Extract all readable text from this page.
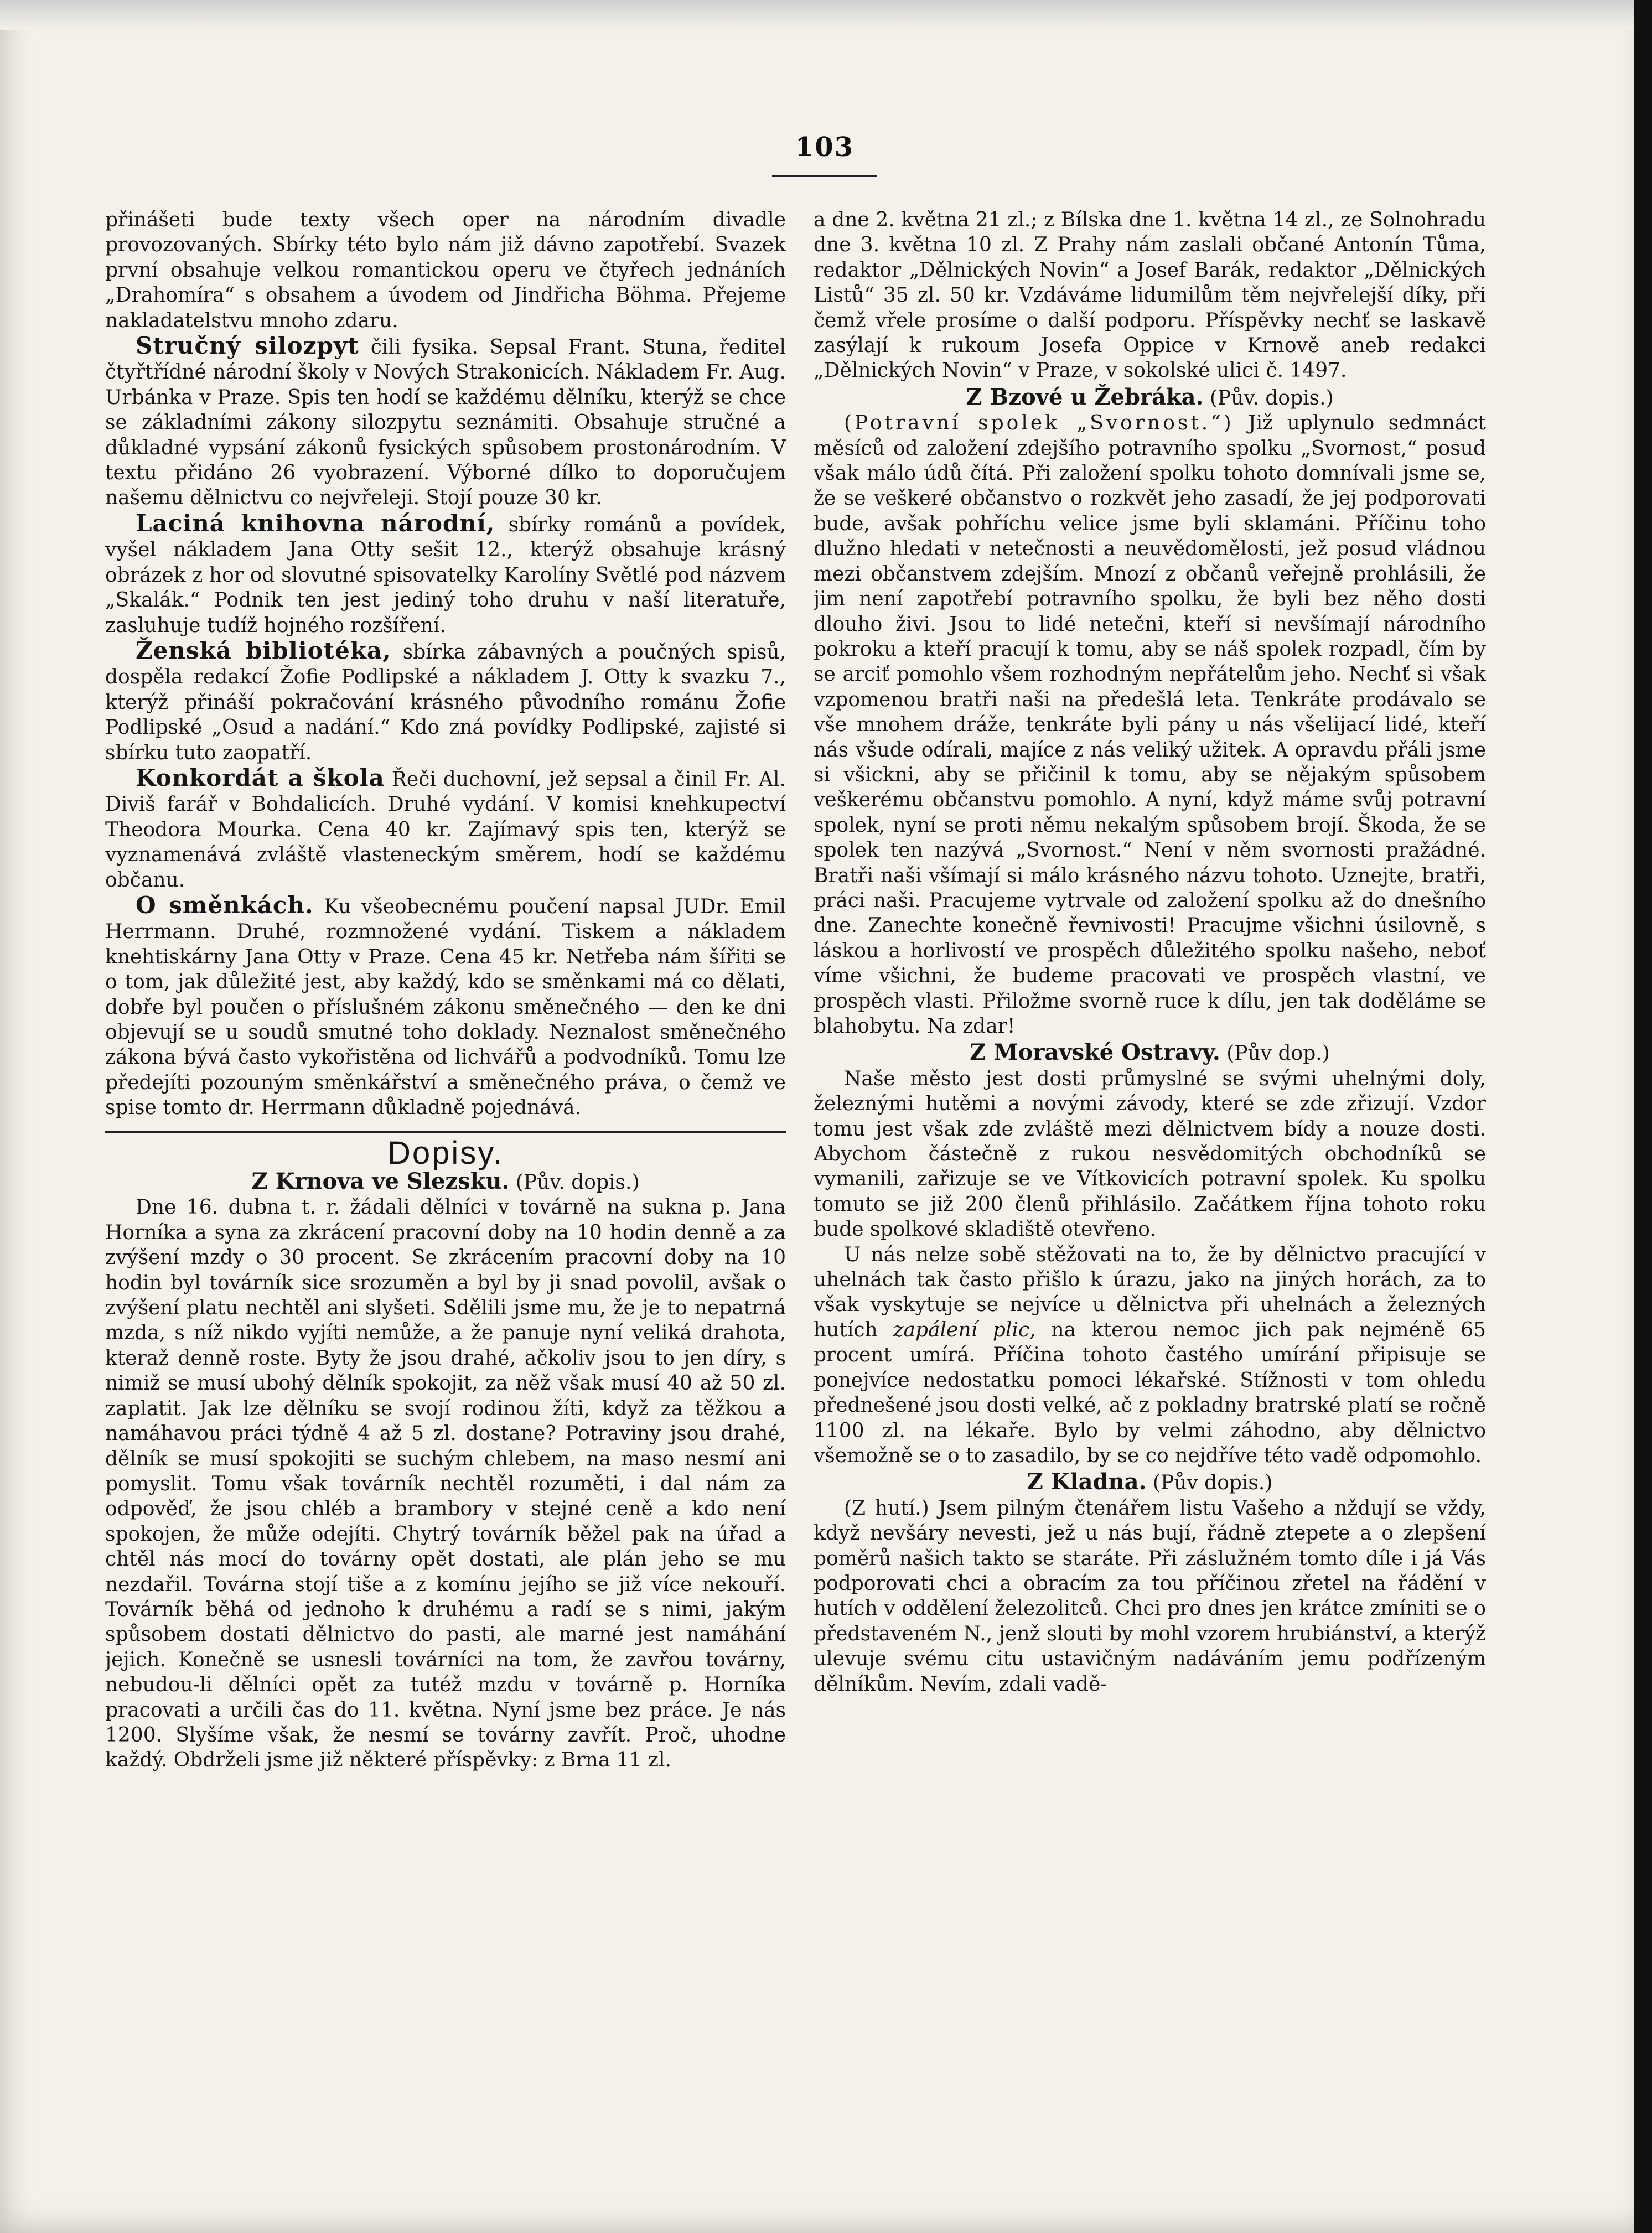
103

přinášeti bude texty všech oper na národním divadle provozovaných. Sbírky této bylo nám již dávno zapotřebí. Svazek první obsahuje velkou romantickou operu ve čtyřech jednáních „Drahomíra“ s obsahem a úvodem od Jindřicha Böhma. Přejeme nakladatelstvu mnoho zdaru.

Stručný silozpyt čili fysika. Sepsal Frant. Stuna, ředitel čtyřtřídné národní školy v Nových Strakonicích. Nákladem Fr. Aug. Urbánka v Praze. Spis ten hodí se každému dělníku, kterýž se chce se základními zákony silozpytu seznámiti. Obsahuje stručné a důkladné vypsání zákonů fysických spůsobem prostonárodním. V textu přidáno 26 vyobrazení. Výborné dílko to doporučujem našemu dělnictvu co nejvřeleji. Stojí pouze 30 kr.

Laciná knihovna národní, sbírky románů a povídek, vyšel nákladem Jana Otty sešit 12., kterýž obsahuje krásný obrázek z hor od slovutné spisovatelky Karolíny Světlé pod názvem „Skalák.“ Podnik ten jest jediný toho druhu v naší literatuře, zasluhuje tudíž hojného rozšíření.

Ženská bibliotéka, sbírka zábavných a poučných spisů, dospěla redakcí Žofie Podlipské a nákladem J. Otty k svazku 7., kterýž přináší pokračování krásného původního románu Žofie Podlipské „Osud a nadání.“ Kdo zná povídky Podlipské, zajisté si sbírku tuto zaopatří.

Konkordát a škola Řeči duchovní, jež sepsal a činil Fr. Al. Diviš farář v Bohdalicích. Druhé vydání. V komisi knehkupectví Theodora Mourka. Cena 40 kr. Zajímavý spis ten, kterýž se vyznamenává zvláště vlasteneckým směrem, hodí se každému občanu.

O směnkách. Ku všeobecnému poučení napsal JUDr. Emil Herrmann. Druhé, rozmnožené vydání. Tiskem a nákladem knehtiskárny Jana Otty v Praze. Cena 45 kr. Netřeba nám šířiti se o tom, jak důležité jest, aby každý, kdo se směnkami má co dělati, dobře byl poučen o příslušném zákonu směnečného — den ke dni objevují se u soudů smutné toho doklady. Neznalost směnečného zákona bývá často vykořistěna od lichvářů a podvodníků. Tomu lze předejíti pozouným směnkářství a směnečného práva, o čemž ve spise tomto dr. Herrmann důkladně pojednává.

Dopisy.

Z Krnova ve Slezsku. (Pův. dopis.)

Dne 16. dubna t. r. žádali dělníci v továrně na sukna p. Jana Horníka a syna za zkrácení pracovní doby na 10 hodin denně a za zvýšení mzdy o 30 procent. Se zkrácením pracovní doby na 10 hodin byl továrník sice srozuměn a byl by ji snad povolil, avšak o zvýšení platu nechtěl ani slyšeti. Sdělili jsme mu, že je to nepatrná mzda, s níž nikdo vyjíti nemůže, a že panuje nyní veliká drahota, kteraž denně roste. Byty že jsou drahé, ačkoliv jsou to jen díry, s nimiž se musí ubohý dělník spokojit, za něž však musí 40 až 50 zl. zaplatit. Jak lze dělníku se svojí rodinou žíti, když za těžkou a namáhavou práci týdně 4 až 5 zl. dostane? Potraviny jsou drahé, dělník se musí spokojiti se suchým chlebem, na maso nesmí ani pomyslit. Tomu však továrník nechtěl rozuměti, i dal nám za odpověď, že jsou chléb a brambory v stejné ceně a kdo není spokojen, že může odejíti. Chytrý továrník běžel pak na úřad a chtěl nás mocí do továrny opět dostati, ale plán jeho se mu nezdařil. Továrna stojí tiše a z komínu jejího se již více nekouří. Továrník běhá od jednoho k druhému a radí se s nimi, jakým spůsobem dostati dělnictvo do pasti, ale marné jest namáhání jejich. Konečně se usnesli továrníci na tom, že zavřou továrny, nebudou-li dělníci opět za tutéž mzdu v továrně p. Horníka pracovati a určili čas do 11. května. Nyní jsme bez práce. Je nás 1200. Slyšíme však, že nesmí se továrny zavřít. Proč, uhodne každý. Obdrželi jsme již některé příspěvky: z Brna 11 zl.

a dne 2. května 21 zl.; z Bílska dne 1. května 14 zl., ze Solnohradu dne 3. května 10 zl. Z Prahy nám zaslali občané Antonín Tůma, redaktor „Dělnických Novin“ a Josef Barák, redaktor „Dělnických Listů“ 35 zl. 50 kr. Vzdáváme lidumilům těm nejvřelejší díky, při čemž vřele prosíme o další podporu. Příspěvky nechť se laskavě zasýlají k rukoum Josefa Oppice v Krnově aneb redakci „Dělnických Novin“ v Praze, v sokolské ulici č. 1497.

Z Bzové u Žebráka. (Pův. dopis.)

(Potravní spolek „Svornost.“) Již uplynulo sedmnáct měsíců od založení zdejšího potravního spolku „Svornost,“ posud však málo údů čítá. Při založení spolku tohoto domnívali jsme se, že se veškeré občanstvo o rozkvět jeho zasadí, že jej podporovati bude, avšak pohříchu velice jsme byli sklamáni. Příčinu toho dlužno hledati v netečnosti a neuvědomělosti, jež posud vládnou mezi občanstvem zdejším. Mnozí z občanů veřejně prohlásili, že jim není zapotřebí potravního spolku, že byli bez něho dosti dlouho živi. Jsou to lidé netečni, kteří si nevšímají národního pokroku a kteří pracují k tomu, aby se náš spolek rozpadl, čím by se arciť pomohlo všem rozhodným nepřátelům jeho. Nechť si však vzpomenou bratři naši na předešlá leta. Tenkráte prodávalo se vše mnohem dráže, tenkráte byli pány u nás všelijací lidé, kteří nás všude odírali, majíce z nás veliký užitek. A opravdu přáli jsme si všickni, aby se přičinil k tomu, aby se nějakým spůsobem veškerému občanstvu pomohlo. A nyní, když máme svůj potravní spolek, nyní se proti němu nekalým spůsobem brojí. Škoda, že se spolek ten nazývá „Svornost.“ Není v něm svornosti pražádné. Bratři naši všímají si málo krásného názvu tohoto. Uznejte, bratři, práci naši. Pracujeme vytrvale od založení spolku až do dnešního dne. Zanechte konečně řevnivosti! Pracujme všichni úsilovně, s láskou a horlivostí ve prospěch důležitého spolku našeho, neboť víme všichni, že budeme pracovati ve prospěch vlastní, ve prospěch vlasti. Přiložme svorně ruce k dílu, jen tak doděláme se blahobytu. Na zdar!

Z Moravské Ostravy. (Pův dop.)

Naše město jest dosti průmyslné se svými uhelnými doly, železnými hutěmi a novými závody, které se zde zřizují. Vzdor tomu jest však zde zvláště mezi dělnictvem bídy a nouze dosti. Abychom částečně z rukou nesvědomitých obchodníků se vymanili, zařizuje se ve Vítkovicích potravní spolek. Ku spolku tomuto se již 200 členů přihlásilo. Začátkem října tohoto roku bude spolkové skladiště otevřeno.

U nás nelze sobě stěžovati na to, že by dělnictvo pracující v uhelnách tak často přišlo k úrazu, jako na jiných horách, za to však vyskytuje se nejvíce u dělnictva při uhelnách a železných hutích zapálení plic, na kterou nemoc jich pak nejméně 65 procent umírá. Příčina tohoto častého umírání připisuje se ponejvíce nedostatku pomoci lékařské. Stížnosti v tom ohledu přednešené jsou dosti velké, ač z pokladny bratrské platí se ročně 1100 zl. na lékaře. Bylo by velmi záhodno, aby dělnictvo všemožně se o to zasadilo, by se co nejdříve této vadě odpomohlo.

Z Kladna. (Pův dopis.)

(Z hutí.) Jsem pilným čtenářem listu Vašeho a nždují se vždy, když nevšáry nevesti, jež u nás bují, řádně ztepete a o zlepšení poměrů našich takto se staráte. Při záslužném tomto díle i já Vás podporovati chci a obracím za tou příčinou zřetel na řádění v hutích v oddělení železolitců. Chci pro dnes jen krátce zmíniti se o představeném N., jenž slouti by mohl vzorem hrubiánství, a kterýž ulevuje svému citu ustavičným nadáváním jemu podřízeným dělníkům. Nevím, zdali vadě-
